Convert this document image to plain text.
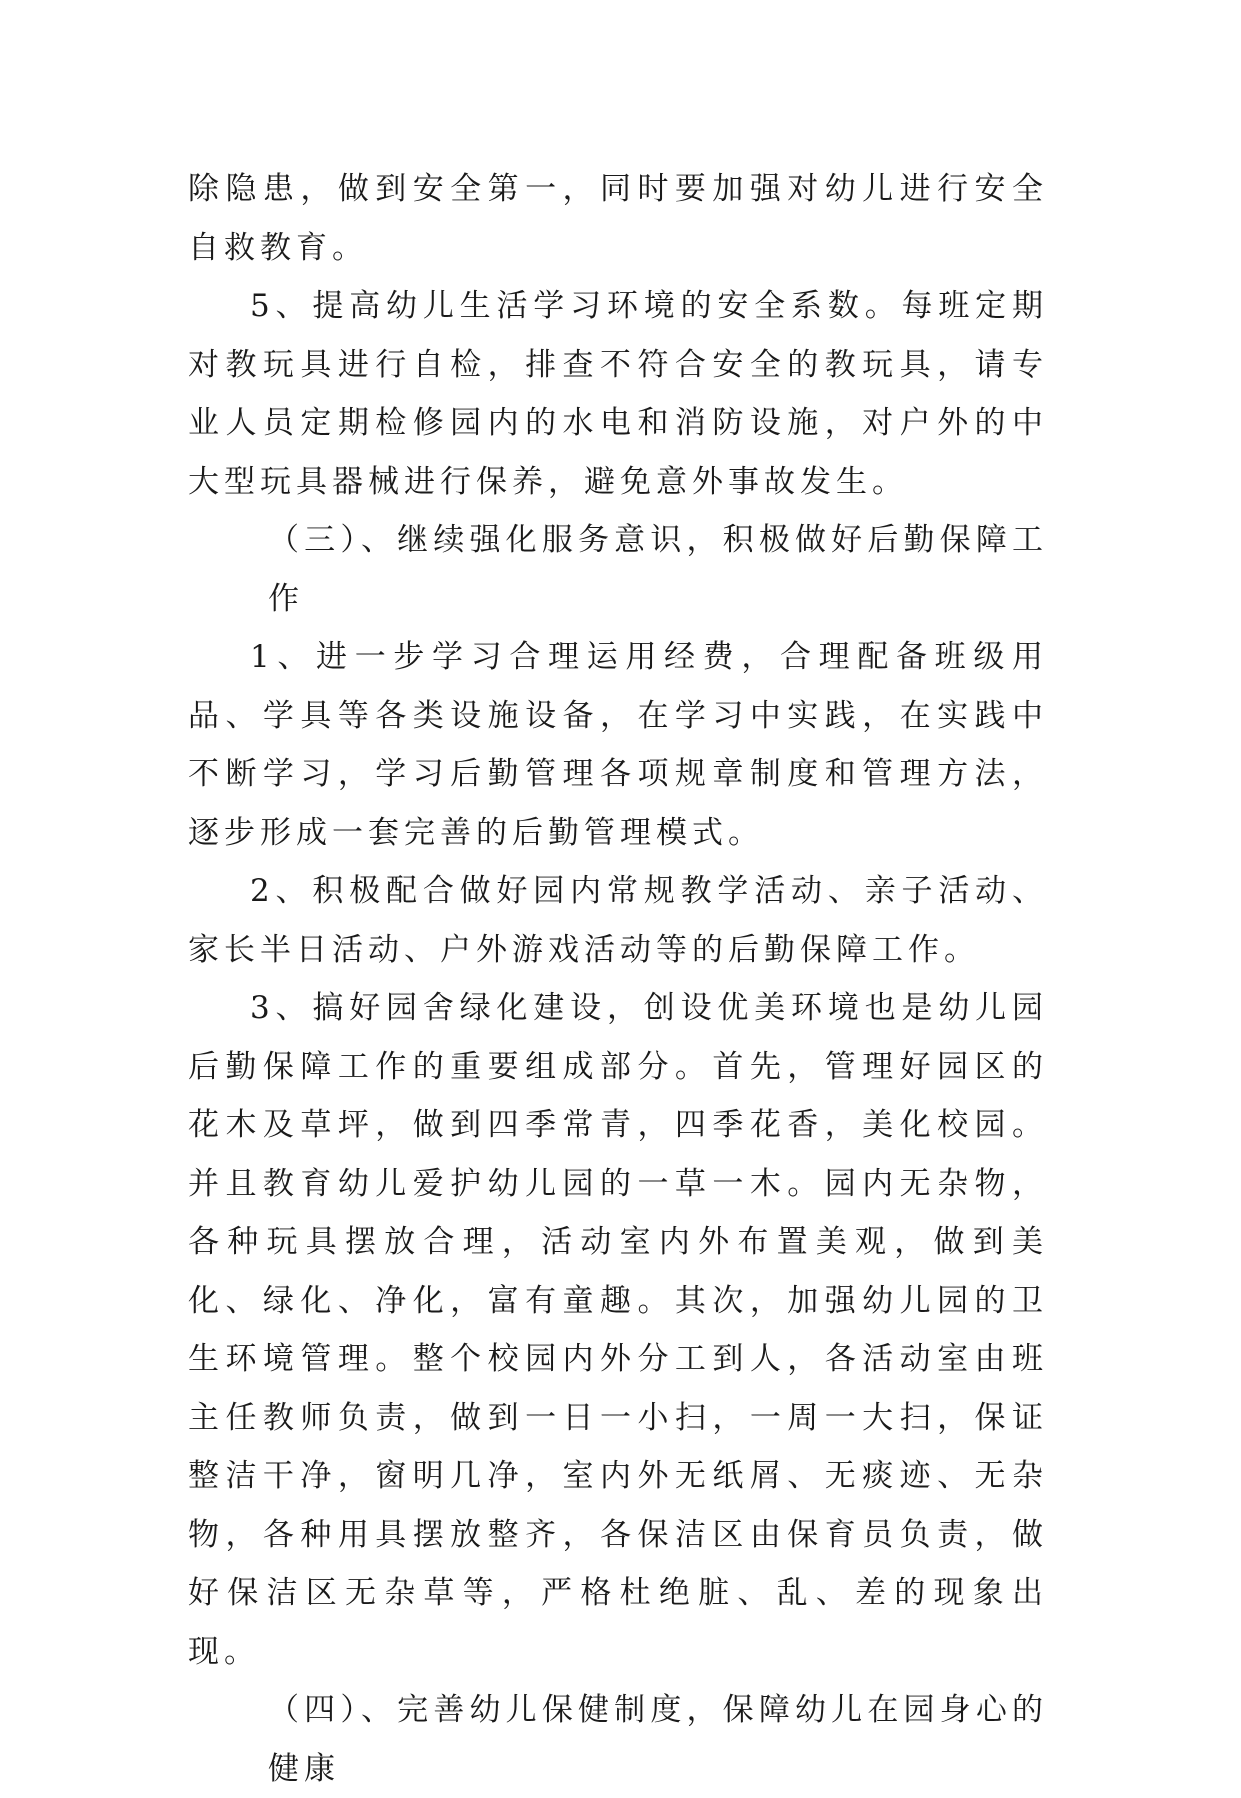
除隐患，做到安全第一，同时要加强对幼儿进行安全自救教育。

5、提高幼儿生活学习环境的安全系数。每班定期对教玩具进行自检，排查不符合安全的教玩具，请专业人员定期检修园内的水电和消防设施，对户外的中大型玩具器械进行保养，避免意外事故发生。

（三）、继续强化服务意识，积极做好后勤保障工作

1、进一步学习合理运用经费，合理配备班级用品、学具等各类设施设备，在学习中实践，在实践中不断学习，学习后勤管理各项规章制度和管理方法，逐步形成一套完善的后勤管理模式。

2、积极配合做好园内常规教学活动、亲子活动、家长半日活动、户外游戏活动等的后勤保障工作。

3、搞好园舍绿化建设，创设优美环境也是幼儿园后勤保障工作的重要组成部分。首先，管理好园区的花木及草坪，做到四季常青，四季花香，美化校园。并且教育幼儿爱护幼儿园的一草一木。园内无杂物，各种玩具摆放合理，活动室内外布置美观，做到美化、绿化、净化，富有童趣。其次，加强幼儿园的卫生环境管理。整个校园内外分工到人，各活动室由班主任教师负责，做到一日一小扫，一周一大扫，保证整洁干净，窗明几净，室内外无纸屑、无痰迹、无杂物，各种用具摆放整齐，各保洁区由保育员负责，做好保洁区无杂草等，严格杜绝脏、乱、差的现象出现。

（四）、完善幼儿保健制度，保障幼儿在园身心的健康
